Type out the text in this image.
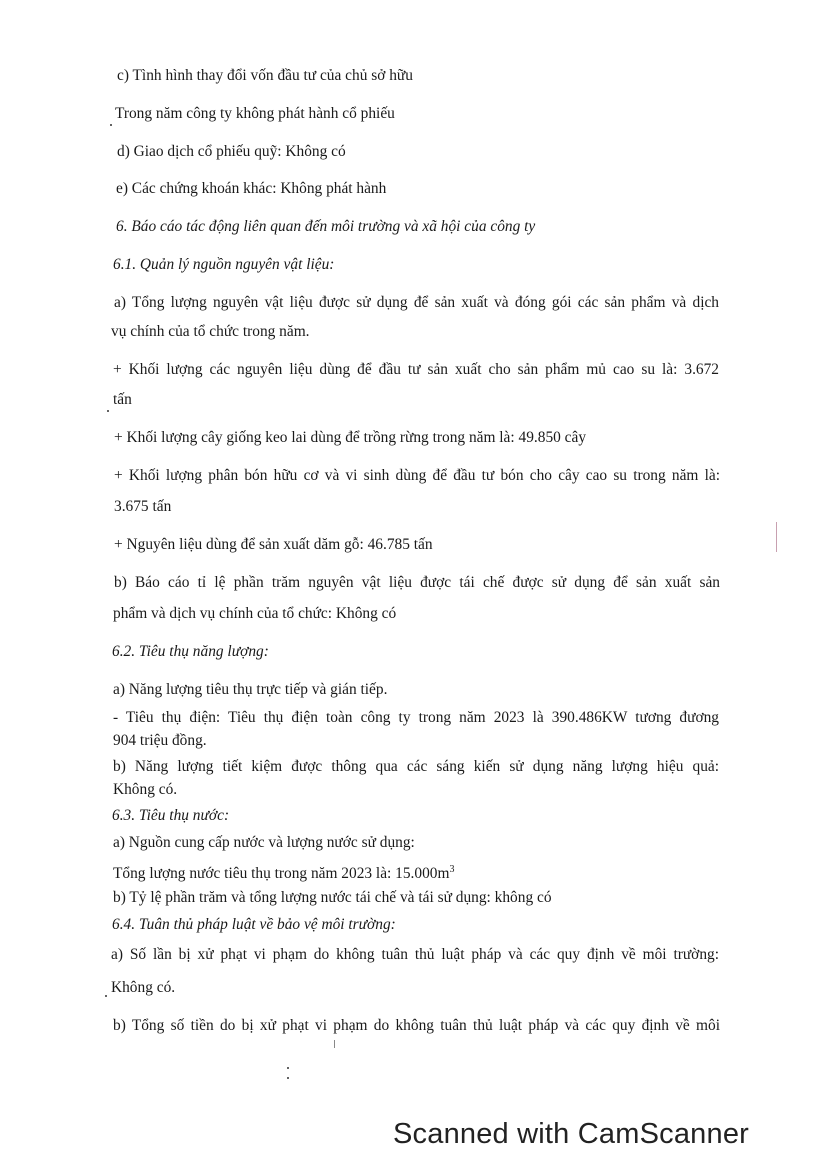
c) Tình hình thay đổi vốn đầu tư của chủ sở hữu
Trong năm công ty không phát hành cổ phiếu
d) Giao dịch cổ phiếu quỹ: Không có
e) Các chứng khoán khác: Không phát hành
6. Báo cáo tác động liên quan đến môi trường và xã hội của công ty
6.1. Quản lý nguồn nguyên vật liệu:
a) Tổng lượng nguyên vật liệu được sử dụng để sản xuất và đóng gói các sản phẩm và dịch
vụ chính của tổ chức trong năm.
+ Khối lượng các nguyên liệu dùng để đầu tư sản xuất cho sản phẩm mủ cao su là: 3.672
tấn
+ Khối lượng cây giống keo lai dùng để trồng rừng trong năm là: 49.850 cây
+ Khối lượng phân bón hữu cơ và vi sinh dùng để đầu tư bón cho cây cao su trong năm là:
3.675 tấn
+ Nguyên liệu dùng để sản xuất dăm gỗ: 46.785 tấn
b) Báo cáo tỉ lệ phần trăm nguyên vật liệu được tái chế được sử dụng để sản xuất sản
phẩm và dịch vụ chính của tổ chức: Không có
6.2. Tiêu thụ năng lượng:
a) Năng lượng tiêu thụ trực tiếp và gián tiếp.
- Tiêu thụ điện: Tiêu thụ điện toàn công ty trong năm 2023 là 390.486KW tương đương
904 triệu đồng.
b) Năng lượng tiết kiệm được thông qua các sáng kiến sử dụng năng lượng hiệu quả:
Không có.
6.3. Tiêu thụ nước:
a) Nguồn cung cấp nước và lượng nước sử dụng:
Tổng lượng nước tiêu thụ trong năm 2023 là: $15.000m^3$
b) Tỷ lệ phần trăm và tổng lượng nước tái chế và tái sử dụng: không có
6.4. Tuân thủ pháp luật về bảo vệ môi trường:
a) Số lần bị xử phạt vi phạm do không tuân thủ luật pháp và các quy định về môi trường:
Không có.
b) Tổng số tiền do bị xử phạt vi phạm do không tuân thủ luật pháp và các quy định về môi
Scanned with CamScanner
